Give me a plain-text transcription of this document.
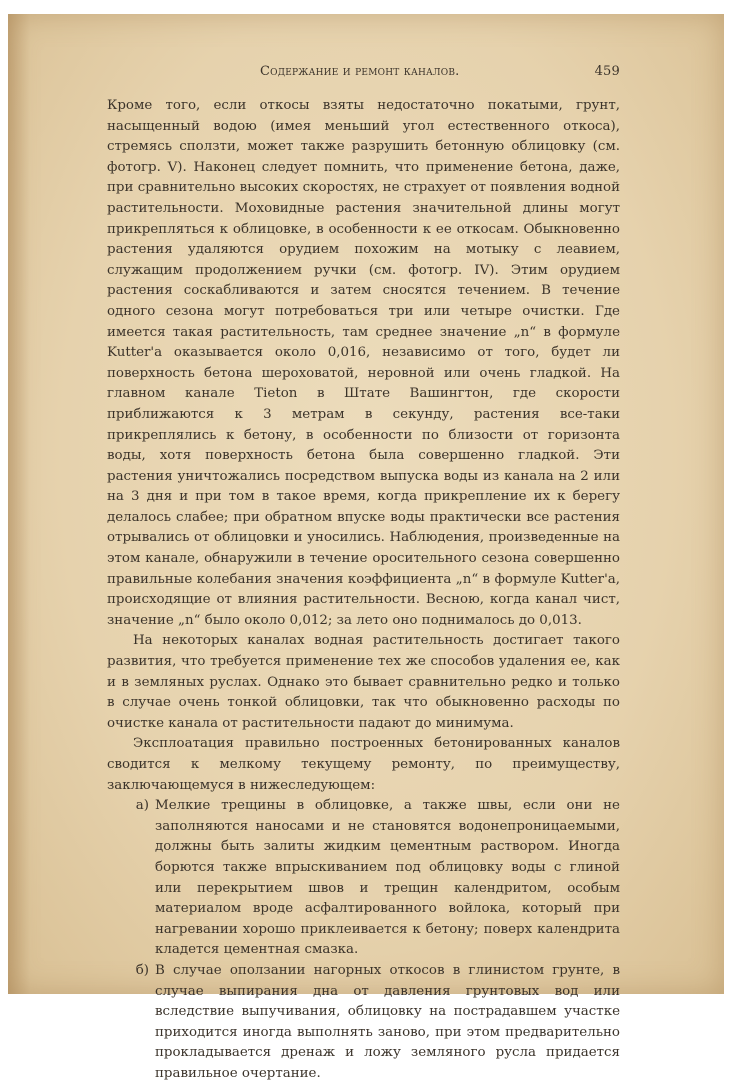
Содержание и ремонт каналов.	459

Кроме того, если откосы взяты недостаточно покатыми, грунт, насыщенный водою (имея меньший угол естественного откоса), стремясь сползти, может также разрушить бетонную облицовку (см. фотогр. V). Наконец следует помнить, что применение бетона, даже, при сравнительно высоких скоростях, не страхует от появления водной растительности. Моховидные растения значительной длины могут прикрепляться к облицовке, в особенности к ее откосам. Обыкновенно растения удаляются орудием похожим на мотыку с леавием, служащим продолжением ручки (см. фотогр. IV). Этим орудием растения соскабливаются и затем сносятся течением. В течение одного сезона могут потребоваться три или четыре очистки. Где имеется такая растительность, там среднее значение „n“ в формуле Kutter'а оказывается около 0,016, независимо от того, будет ли поверхность бетона шероховатой, неровной или очень гладкой. На главном канале Tieton в Штате Вашингтон, где скорости приближаются к 3 метрам в секунду, растения все-таки прикреплялись к бетону, в особенности по близости от горизонта воды, хотя поверхность бетона была совершенно гладкой. Эти растения уничтожались посредством выпуска воды из канала на 2 или на 3 дня и при том в такое время, когда прикрепление их к берегу делалось слабее; при обратном впуске воды практически все растения отрывались от облицовки и уносились. Наблюдения, произведенные на этом канале, обнаружили в течение оросительного сезона совершенно правильные колебания значения коэффициента „n“ в формуле Kutter'а, происходящие от влияния растительности. Весною, когда канал чист, значение „n“ было около 0,012; за лето оно поднималось до 0,013.

На некоторых каналах водная растительность достигает такого развития, что требуется применение тех же способов удаления ее, как и в земляных руслах. Однако это бывает сравнительно редко и только в случае очень тонкой облицовки, так что обыкновенно расходы по очистке канала от растительности падают до минимума.

Эксплоатация правильно построенных бетонированных каналов сводится к мелкому текущему ремонту, по преимуществу, заключающемуся в нижеследующем:

а) Мелкие трещины в облицовке, а также швы, если они не заполняются наносами и не становятся водонепроницаемыми, должны быть залиты жидким цементным раствором. Иногда борются также впрыскиванием под облицовку воды с глиной или перекрытием швов и трещин календритом, особым материалом вроде асфалтированного войлока, который при нагревании хорошо приклеивается к бетону; поверх календрита кладется цементная смазка.
б) В случае оползании нагорных откосов в глинистом грунте, в случае выпирания дна от давления грунтовых вод или вследствие выпучивания, облицовку на пострадавшем участке приходится иногда выполнять заново, при этом предварительно прокладывается дренаж и ложу земляного русла придается правильное очертание.
